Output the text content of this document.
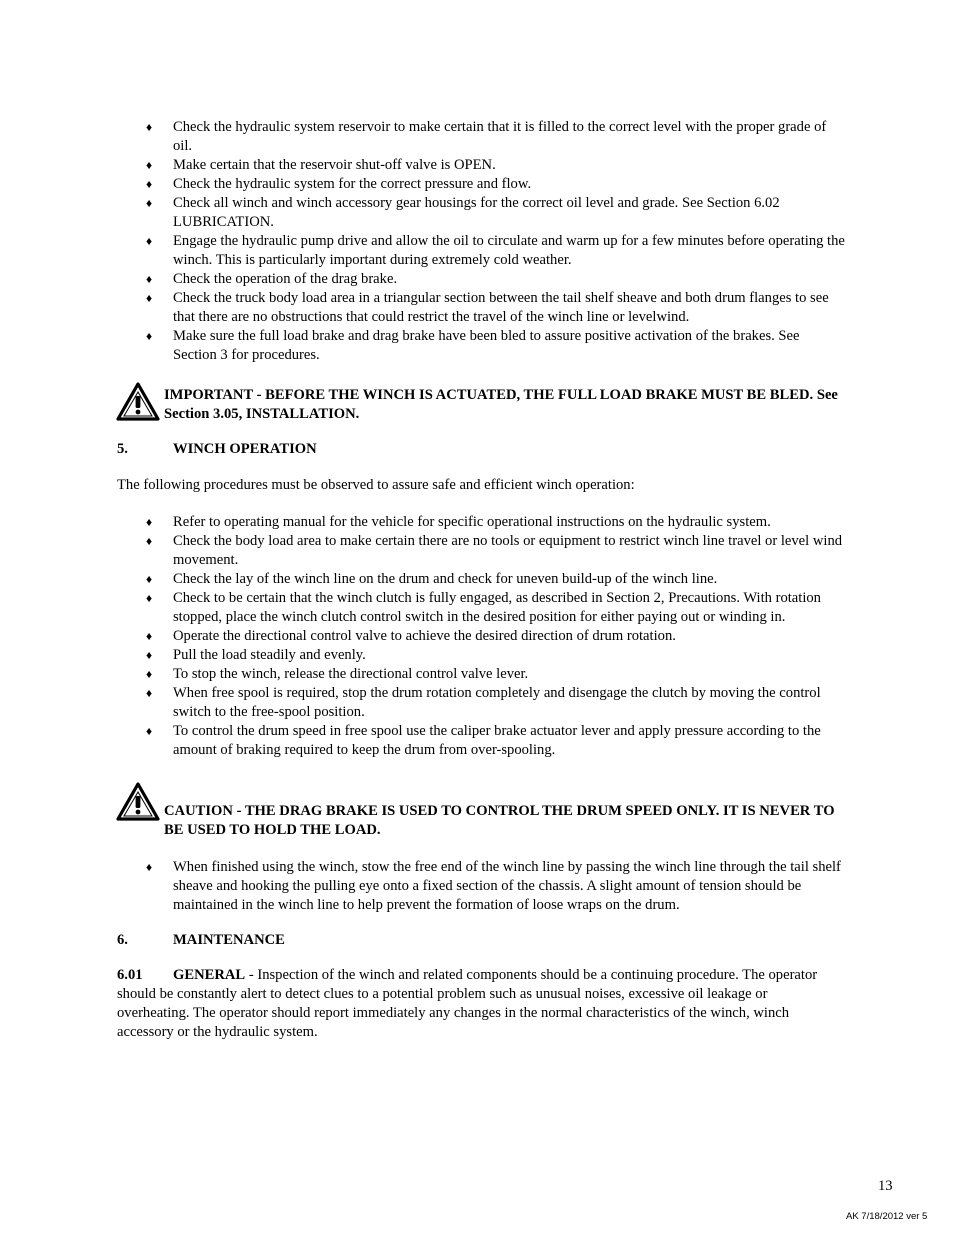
♦ Check the hydraulic system reservoir to make certain that it is filled to the correct level with the proper grade of oil.
♦ Make certain that the reservoir shut-off valve is OPEN.
♦ Check the hydraulic system for the correct pressure and flow.
♦ Check all winch and winch accessory gear housings for the correct oil level and grade. See Section 6.02 LUBRICATION.
♦ Engage the hydraulic pump drive and allow the oil to circulate and warm up for a few minutes before operating the winch. This is particularly important during extremely cold weather.
♦ Check the operation of the drag brake.
♦ Check the truck body load area in a triangular section between the tail shelf sheave and both drum flanges to see that there are no obstructions that could restrict the travel of the winch line or levelwind.
♦ Make sure the full load brake and drag brake have been bled to assure positive activation of the brakes. See Section 3 for procedures.
IMPORTANT - BEFORE THE WINCH IS ACTUATED, THE FULL LOAD BRAKE MUST BE BLED. See Section 3.05, INSTALLATION.
5.	WINCH OPERATION
The following procedures must be observed to assure safe and efficient winch operation:
♦ Refer to operating manual for the vehicle for specific operational instructions on the hydraulic system.
♦ Check the body load area to make certain there are no tools or equipment to restrict winch line travel or level wind movement.
♦ Check the lay of the winch line on the drum and check for uneven build-up of the winch line.
♦ Check to be certain that the winch clutch is fully engaged, as described in Section 2, Precautions. With rotation stopped, place the winch clutch control switch in the desired position for either paying out or winding in.
♦ Operate the directional control valve to achieve the desired direction of drum rotation.
♦ Pull the load steadily and evenly.
♦ To stop the winch, release the directional control valve lever.
♦ When free spool is required, stop the drum rotation completely and disengage the clutch by moving the control switch to the free-spool position.
♦ To control the drum speed in free spool use the caliper brake actuator lever and apply pressure according to the amount of braking required to keep the drum from over-spooling.
CAUTION - THE DRAG BRAKE IS USED TO CONTROL THE DRUM SPEED ONLY. IT IS NEVER TO BE USED TO HOLD THE LOAD.
♦ When finished using the winch, stow the free end of the winch line by passing the winch line through the tail shelf sheave and hooking the pulling eye onto a fixed section of the chassis. A slight amount of tension should be maintained in the winch line to help prevent the formation of loose wraps on the drum.
6.	MAINTENANCE
6.01 GENERAL - Inspection of the winch and related components should be a continuing procedure. The operator should be constantly alert to detect clues to a potential problem such as unusual noises, excessive oil leakage or overheating. The operator should report immediately any changes in the normal characteristics of the winch, winch accessory or the hydraulic system.
13
AK 7/18/2012 ver 5
